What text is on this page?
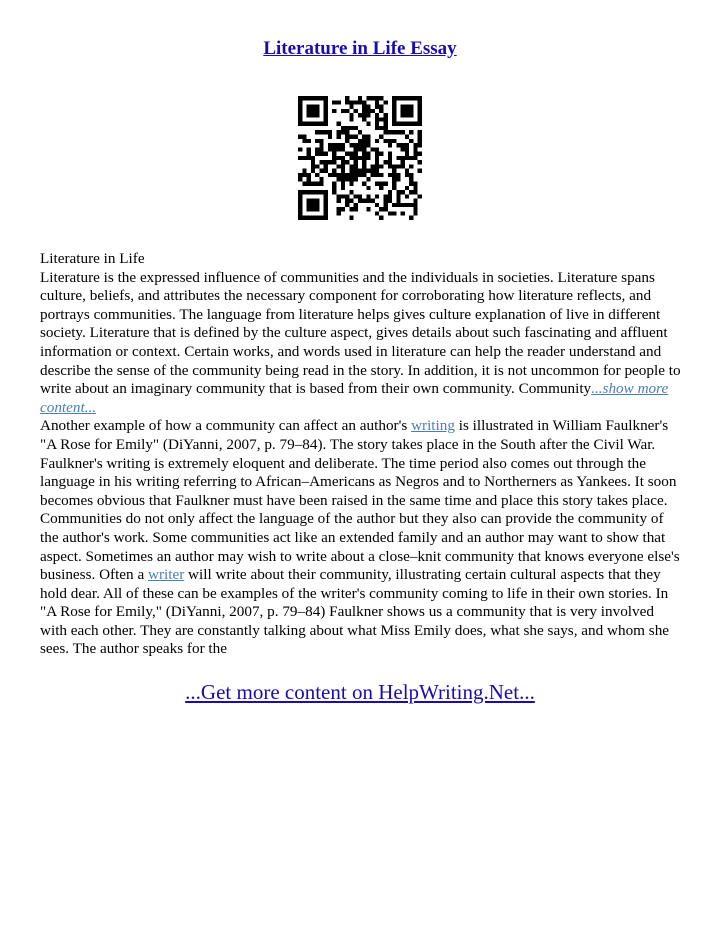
Literature in Life Essay

Literature in Life

Literature is the expressed influence of communities and the individuals in societies. Literature spans culture, beliefs, and attributes the necessary component for corroborating how literature reflects, and portrays communities. The language from literature helps gives culture explanation of live in different society. Literature that is defined by the culture aspect, gives details about such fascinating and affluent information or context. Certain works, and words used in literature can help the reader understand and describe the sense of the community being read in the story. In addition, it is not uncommon for people to write about an imaginary community that is based from their own community. Community...show more content...

Another example of how a community can affect an author's writing is illustrated in William Faulkner's "A Rose for Emily" (DiYanni, 2007, p. 79–84). The story takes place in the South after the Civil War. Faulkner's writing is extremely eloquent and deliberate. The time period also comes out through the language in his writing referring to African–Americans as Negros and to Northerners as Yankees. It soon becomes obvious that Faulkner must have been raised in the same time and place this story takes place. Communities do not only affect the language of the author but they also can provide the community of the author's work. Some communities act like an extended family and an author may want to show that aspect. Sometimes an author may wish to write about a close–knit community that knows everyone else's business. Often a writer will write about their community, illustrating certain cultural aspects that they hold dear. All of these can be examples of the writer's community coming to life in their own stories. In "A Rose for Emily," (DiYanni, 2007, p. 79–84) Faulkner shows us a community that is very involved with each other. They are constantly talking about what Miss Emily does, what she says, and whom she sees. The author speaks for the

...Get more content on HelpWriting.Net...
